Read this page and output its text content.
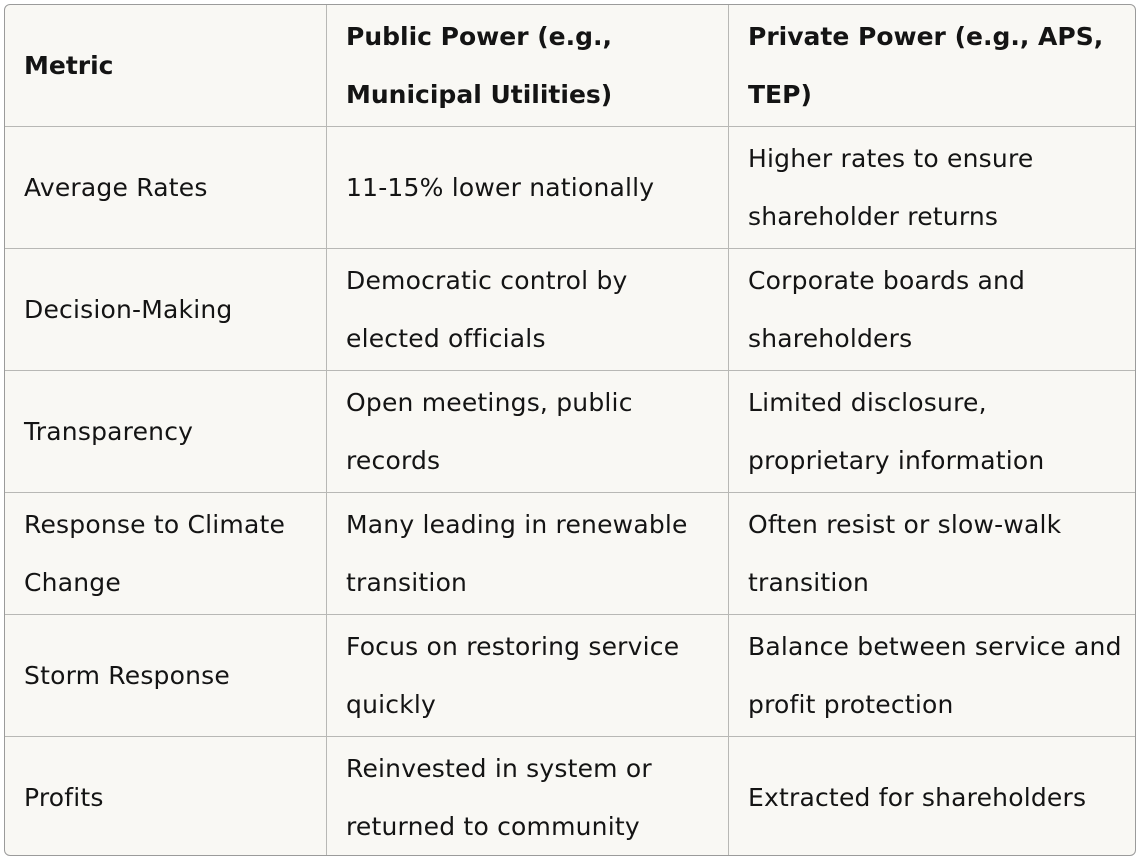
Metric	Public Power (e.g., Municipal Utilities)	Private Power (e.g., APS, TEP)
Average Rates	11-15% lower nationally	Higher rates to ensure shareholder returns
Decision-Making	Democratic control by elected officials	Corporate boards and shareholders
Transparency	Open meetings, public records	Limited disclosure, proprietary information
Response to Climate Change	Many leading in renewable transition	Often resist or slow-walk transition
Storm Response	Focus on restoring service quickly	Balance between service and profit protection
Profits	Reinvested in system or returned to community	Extracted for shareholders
